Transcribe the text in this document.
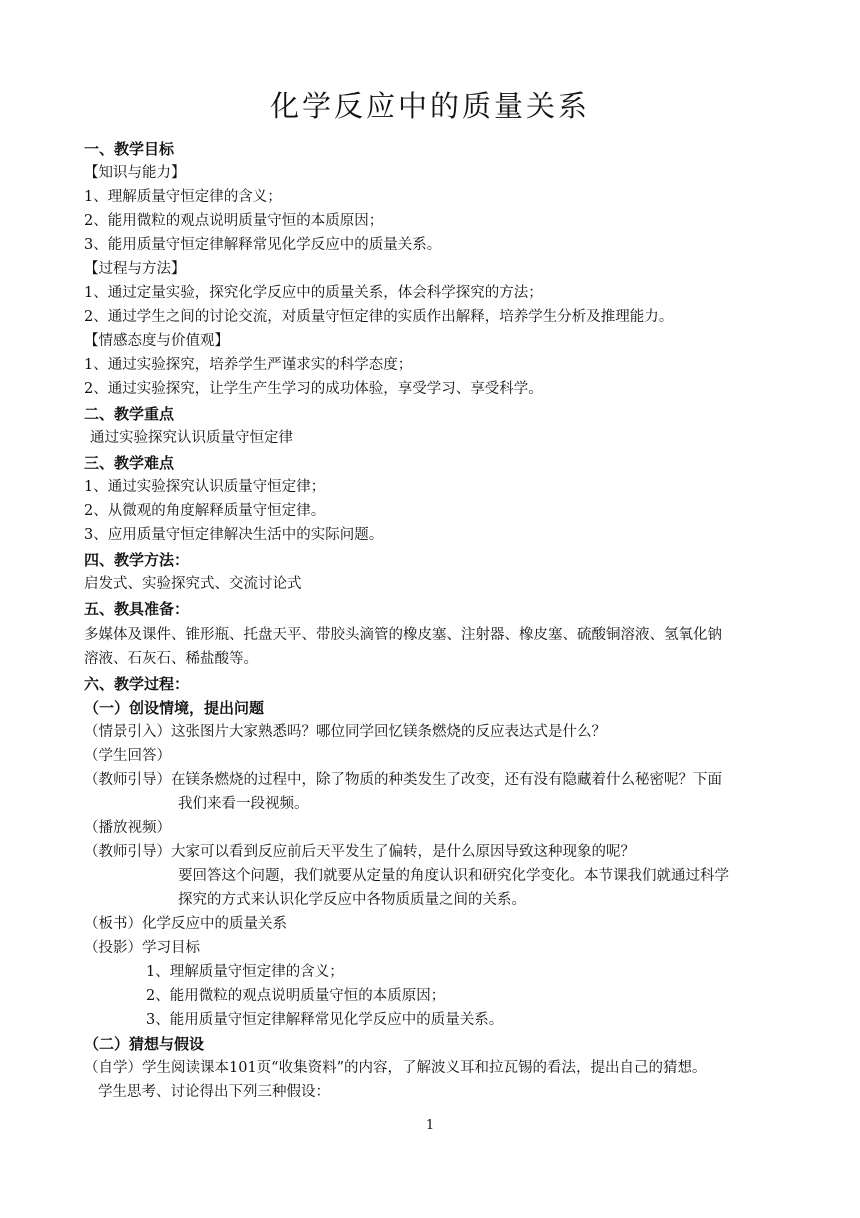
化学反应中的质量关系
一、教学目标
【知识与能力】
1、理解质量守恒定律的含义；
2、能用微粒的观点说明质量守恒的本质原因；
3、能用质量守恒定律解释常见化学反应中的质量关系。
【过程与方法】
1、通过定量实验，探究化学反应中的质量关系，体会科学探究的方法；
2、通过学生之间的讨论交流，对质量守恒定律的实质作出解释，培养学生分析及推理能力。
【情感态度与价值观】
1、通过实验探究，培养学生严谨求实的科学态度；
2、通过实验探究，让学生产生学习的成功体验，享受学习、享受科学。
二、教学重点
通过实验探究认识质量守恒定律
三、教学难点
1、通过实验探究认识质量守恒定律；
2、从微观的角度解释质量守恒定律。
3、应用质量守恒定律解决生活中的实际问题。
四、教学方法：
启发式、实验探究式、交流讨论式
五、教具准备：
多媒体及课件、锥形瓶、托盘天平、带胶头滴管的橡皮塞、注射器、橡皮塞、硫酸铜溶液、氢氧化钠
溶液、石灰石、稀盐酸等。
六、教学过程：
（一）创设情境，提出问题
（情景引入）这张图片大家熟悉吗？哪位同学回忆镁条燃烧的反应表达式是什么？
（学生回答）
（教师引导）在镁条燃烧的过程中，除了物质的种类发生了改变，还有没有隐藏着什么秘密呢？下面
我们来看一段视频。
（播放视频）
（教师引导）大家可以看到反应前后天平发生了偏转，是什么原因导致这种现象的呢？
要回答这个问题，我们就要从定量的角度认识和研究化学变化。本节课我们就通过科学
探究的方式来认识化学反应中各物质质量之间的关系。
（板书）化学反应中的质量关系
（投影）学习目标
1、理解质量守恒定律的含义；
2、能用微粒的观点说明质量守恒的本质原因；
3、能用质量守恒定律解释常见化学反应中的质量关系。
（二）猜想与假设
（自学）学生阅读课本101页“收集资料”的内容，了解波义耳和拉瓦锡的看法，提出自己的猜想。
学生思考、讨论得出下列三种假设：
1
